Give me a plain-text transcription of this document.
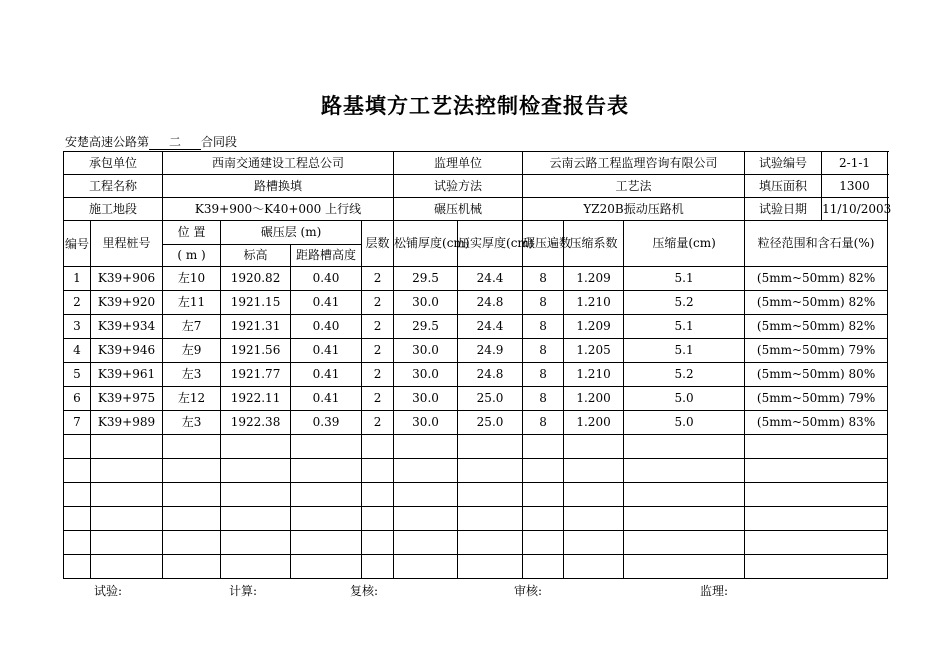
路基填方工艺法控制检查报告表
安楚高速公路第 二 合同段
承包单位		西南交通建设工程总公司				监理单位		云南云路工程监理咨询有限公司			试验编号	2-1-1
工程名称		路槽换填				试验方法		工艺法			填压面积	1300
施工地段		K39+900～K40+000 上行线				碾压机械		YZ20B振动压路机			试验日期	11/10/2003
编号	里程桩号	位 置	碾压层 (m)		层数	松铺厚度(cm)	压实厚度(cm)	碾压遍数	压缩系数	压缩量(cm)	粒径范围和含石量(%)	
		( m )	标高	距路槽高度								
1	K39+906	左10	1920.82	0.40	2	29.5	24.4	8	1.209	5.1	(5mm~50mm) 82%	
2	K39+920	左11	1921.15	0.41	2	30.0	24.8	8	1.210	5.2	(5mm~50mm) 82%	
3	K39+934	左7	1921.31	0.40	2	29.5	24.4	8	1.209	5.1	(5mm~50mm) 82%	
4	K39+946	左9	1921.56	0.41	2	30.0	24.9	8	1.205	5.1	(5mm~50mm) 79%	
5	K39+961	左3	1921.77	0.41	2	30.0	24.8	8	1.210	5.2	(5mm~50mm) 80%	
6	K39+975	左12	1922.11	0.41	2	30.0	25.0	8	1.200	5.0	(5mm~50mm) 79%	
7	K39+989	左3	1922.38	0.39	2	30.0	25.0	8	1.200	5.0	(5mm~50mm) 83%	

试验:	计算:	复核:	审核:	监理:
